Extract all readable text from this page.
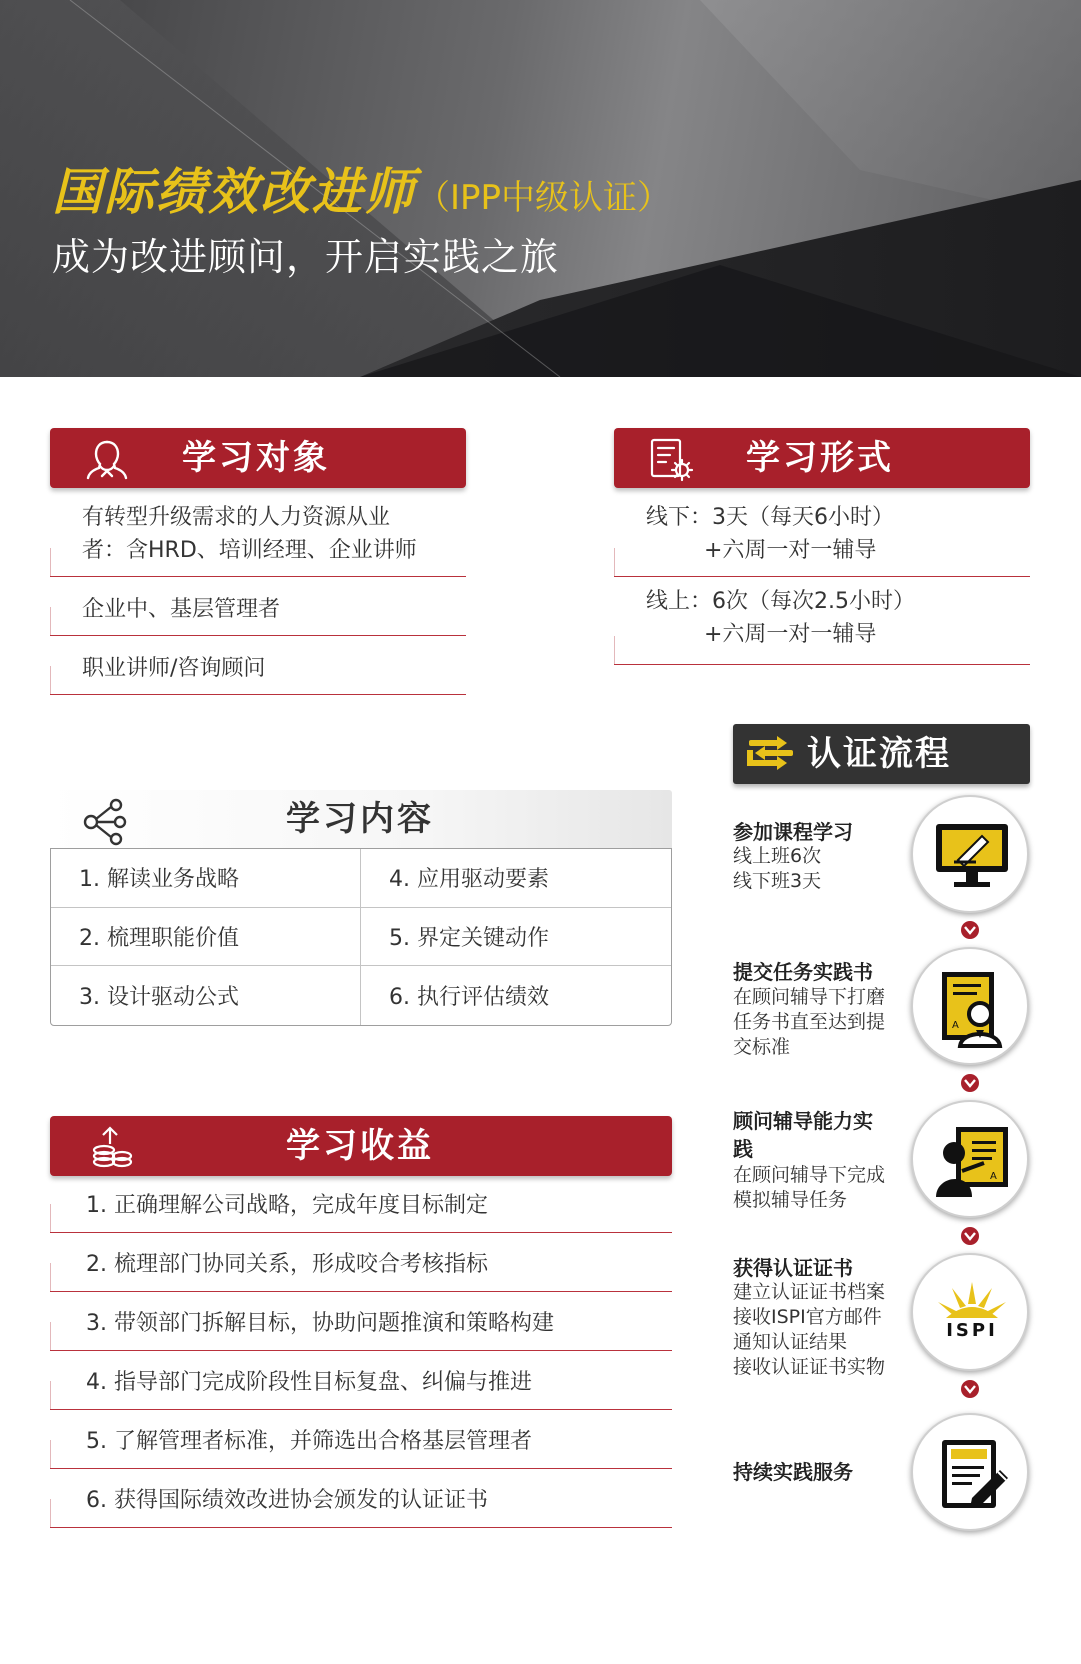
国际绩效改进师（IPP中级认证）
成为改进顾问，开启实践之旅
学习对象
有转型升级需求的人力资源从业
者：含HRD、培训经理、企业讲师
企业中、基层管理者
职业讲师/咨询顾问
学习形式
线下：3天（每天6小时）
+六周一对一辅导
线上：6次（每次2.5小时）
+六周一对一辅导
学习内容
1. 解读业务战略	4. 应用驱动要素
2. 梳理职能价值	5. 界定关键动作
3. 设计驱动公式	6. 执行评估绩效
学习收益
1. 正确理解公司战略，完成年度目标制定
2. 梳理部门协同关系，形成咬合考核指标
3. 带领部门拆解目标，协助问题推演和策略构建
4. 指导部门完成阶段性目标复盘、纠偏与推进
5. 了解管理者标准，并筛选出合格基层管理者
6. 获得国际绩效改进协会颁发的认证证书
认证流程
参加课程学习
线上班6次
线下班3天
提交任务实践书
在顾问辅导下打磨
任务书直至达到提
交标准
A
顾问辅导能力实
践
在顾问辅导下完成
模拟辅导任务
A
获得认证证书
建立认证证书档案
接收ISPI官方邮件
通知认证结果
接收认证证书实物
ISPI
持续实践服务
